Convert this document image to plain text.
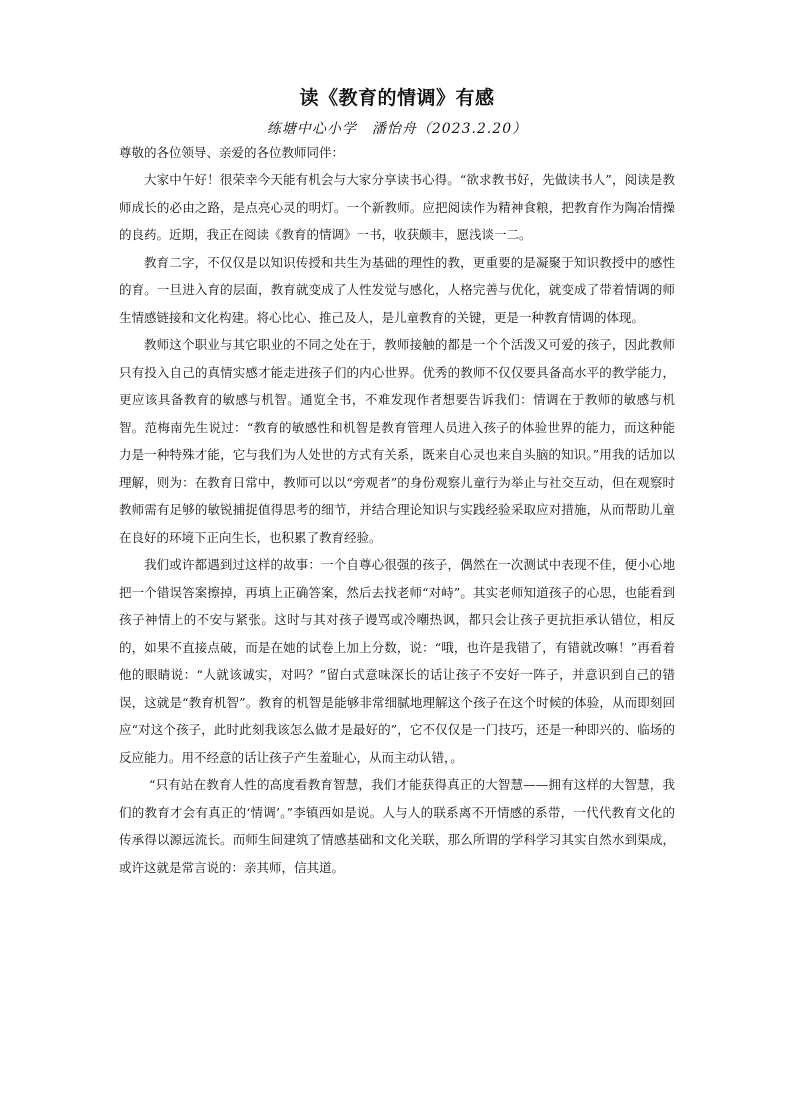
读《教育的情调》有感

练塘中心小学　潘怡舟（2023.2.20）

尊敬的各位领导、亲爱的各位教师同伴：

大家中午好！很荣幸今天能有机会与大家分享读书心得。“欲求教书好，先做读书人”，阅读是教师成长的必由之路，是点亮心灵的明灯。一个新教师。应把阅读作为精神食粮，把教育作为陶冶情操的良药。近期，我正在阅读《教育的情调》一书，收获颇丰，愿浅谈一二。

教育二字，不仅仅是以知识传授和共生为基础的理性的教，更重要的是凝聚于知识教授中的感性的育。一旦进入育的层面，教育就变成了人性发觉与感化，人格完善与优化，就变成了带着情调的师生情感链接和文化构建。将心比心、推己及人，是儿童教育的关键，更是一种教育情调的体现。

教师这个职业与其它职业的不同之处在于，教师接触的都是一个个活泼又可爱的孩子，因此教师只有投入自己的真情实感才能走进孩子们的内心世界。优秀的教师不仅仅要具备高水平的教学能力，更应该具备教育的敏感与机智。通览全书，不难发现作者想要告诉我们：情调在于教师的敏感与机智。范梅南先生说过：“教育的敏感性和机智是教育管理人员进入孩子的体验世界的能力，而这种能力是一种特殊才能，它与我们为人处世的方式有关系，既来自心灵也来自头脑的知识。”用我的话加以理解，则为：在教育日常中，教师可以以“旁观者”的身份观察儿童行为举止与社交互动，但在观察时教师需有足够的敏锐捕捉值得思考的细节，并结合理论知识与实践经验采取应对措施，从而帮助儿童在良好的环境下正向生长，也积累了教育经验。

我们或许都遇到过这样的故事：一个自尊心很强的孩子，偶然在一次测试中表现不佳，便小心地把一个错误答案擦掉，再填上正确答案，然后去找老师“对峙”。其实老师知道孩子的心思，也能看到孩子神情上的不安与紧张。这时与其对孩子谩骂或冷嘲热讽，都只会让孩子更抗拒承认错位，相反的，如果不直接点破，而是在她的试卷上加上分数，说：“哦，也许是我错了，有错就改嘛！”再看着他的眼睛说：“人就该诚实，对吗？”留白式意味深长的话让孩子不安好一阵子，并意识到自己的错误，这就是“教育机智”。教育的机智是能够非常细腻地理解这个孩子在这个时候的体验，从而即刻回应“对这个孩子，此时此刻我该怎么做才是最好的”，它不仅仅是一门技巧，还是一种即兴的、临场的反应能力。用不经意的话让孩子产生羞耻心，从而主动认错，。

“只有站在教育人性的高度看教育智慧，我们才能获得真正的大智慧——拥有这样的大智慧，我们的教育才会有真正的‘情调’。”李镇西如是说。人与人的联系离不开情感的系带，一代代教育文化的传承得以源远流长。而师生间建筑了情感基础和文化关联，那么所谓的学科学习其实自然水到渠成，或许这就是常言说的：亲其师，信其道。
